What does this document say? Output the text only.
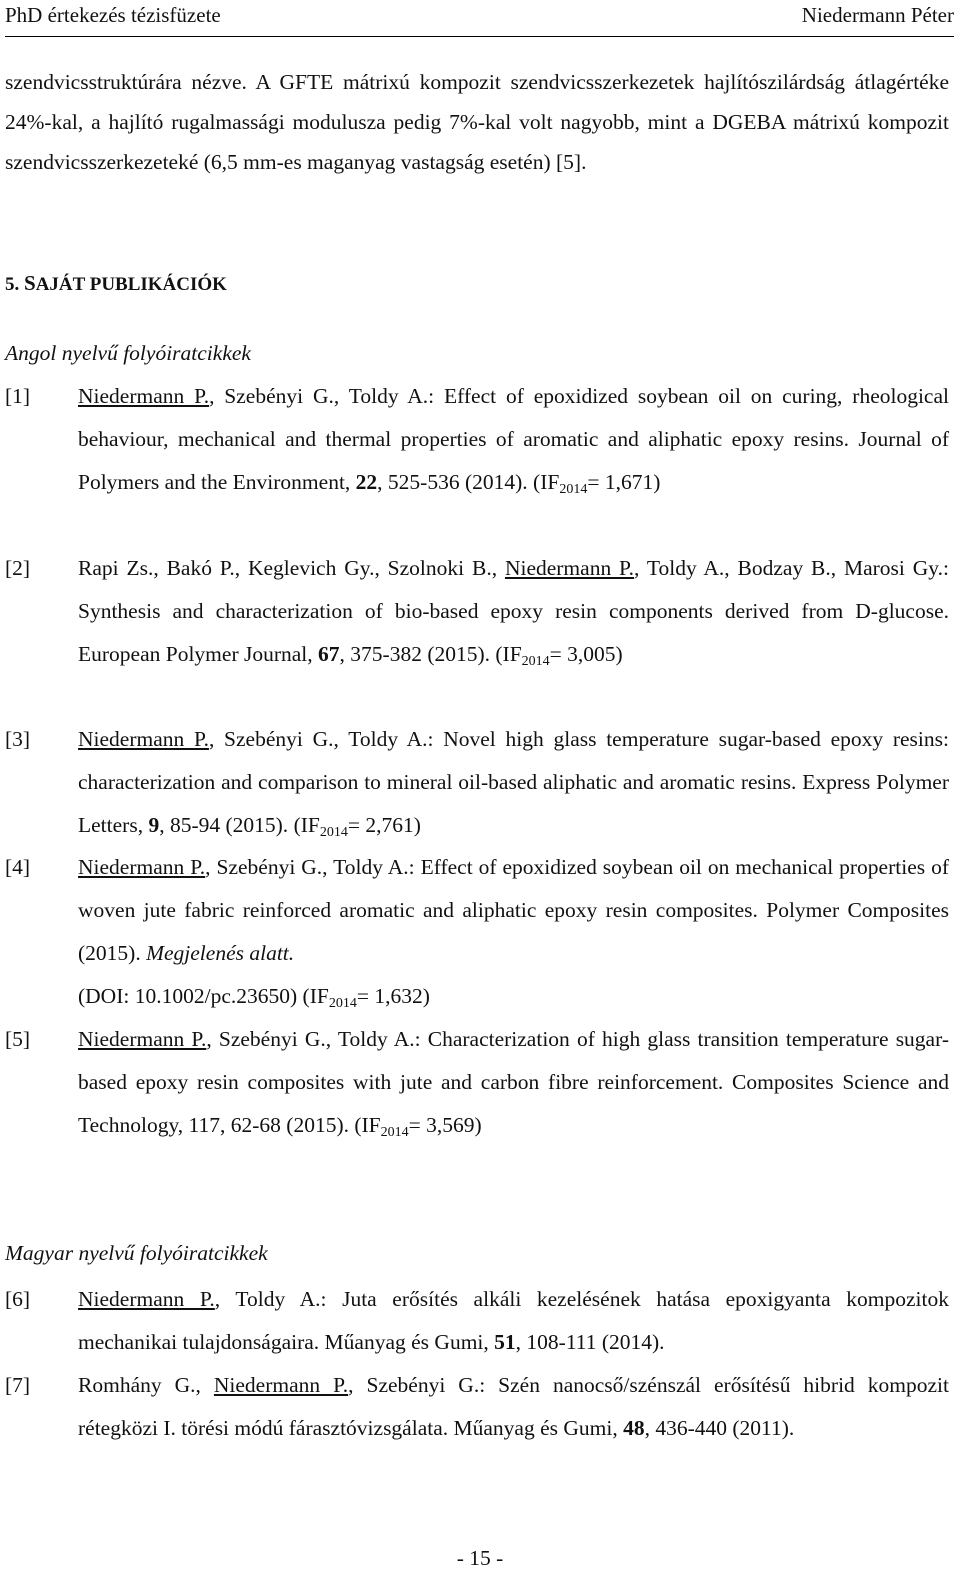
PhD értekezés tézisfüzete	Niedermann Péter

szendvicsstruktúrára nézve. A GFTE mátrixú kompozit szendvicsszerkezetek hajlítószilárdság átlagértéke 24%-kal, a hajlító rugalmassági modulusza pedig 7%-kal volt nagyobb, mint a DGEBA mátrixú kompozit szendvicsszerkezeteké (6,5 mm-es maganyag vastagság esetén) [5].

5. SAJÁT PUBLIKÁCIÓK
Angol nyelvű folyóiratcikkek
[1] Niedermann P., Szebényi G., Toldy A.: Effect of epoxidized soybean oil on curing, rheological behaviour, mechanical and thermal properties of aromatic and aliphatic epoxy resins. Journal of Polymers and the Environment, 22, 525-536 (2014). $(IF_{2014}= 1,671)$
[2] Rapi Zs., Bakó P., Keglevich Gy., Szolnoki B., Niedermann P., Toldy A., Bodzay B., Marosi Gy.: Synthesis and characterization of bio-based epoxy resin components derived from D-glucose. European Polymer Journal, 67, 375-382 (2015). $(IF_{2014}= 3,005)$
[3] Niedermann P., Szebényi G., Toldy A.: Novel high glass temperature sugar-based epoxy resins: characterization and comparison to mineral oil-based aliphatic and aromatic resins. Express Polymer Letters, 9, 85-94 (2015). $(IF_{2014}= 2,761)$
[4] Niedermann P., Szebényi G., Toldy A.: Effect of epoxidized soybean oil on mechanical properties of woven jute fabric reinforced aromatic and aliphatic epoxy resin composites. Polymer Composites (2015). Megjelenés alatt.
(DOI: 10.1002/pc.23650) $(IF_{2014}= 1,632)$
[5] Niedermann P., Szebényi G., Toldy A.: Characterization of high glass transition temperature sugar-based epoxy resin composites with jute and carbon fibre reinforcement. Composites Science and Technology, 117, 62-68 (2015). $(IF_{2014}= 3,569)$
Magyar nyelvű folyóiratcikkek
[6] Niedermann P., Toldy A.: Juta erősítés alkáli kezelésének hatása epoxigyanta kompozitok mechanikai tulajdonságaira. Műanyag és Gumi, 51, 108-111 (2014).
[7] Romhány G., Niedermann P., Szebényi G.: Szén nanocső/szénszál erősítésű hibrid kompozit rétegközi I. törési módú fárasztóvizsgálata. Műanyag és Gumi, 48, 436-440 (2011).
- 15 -
